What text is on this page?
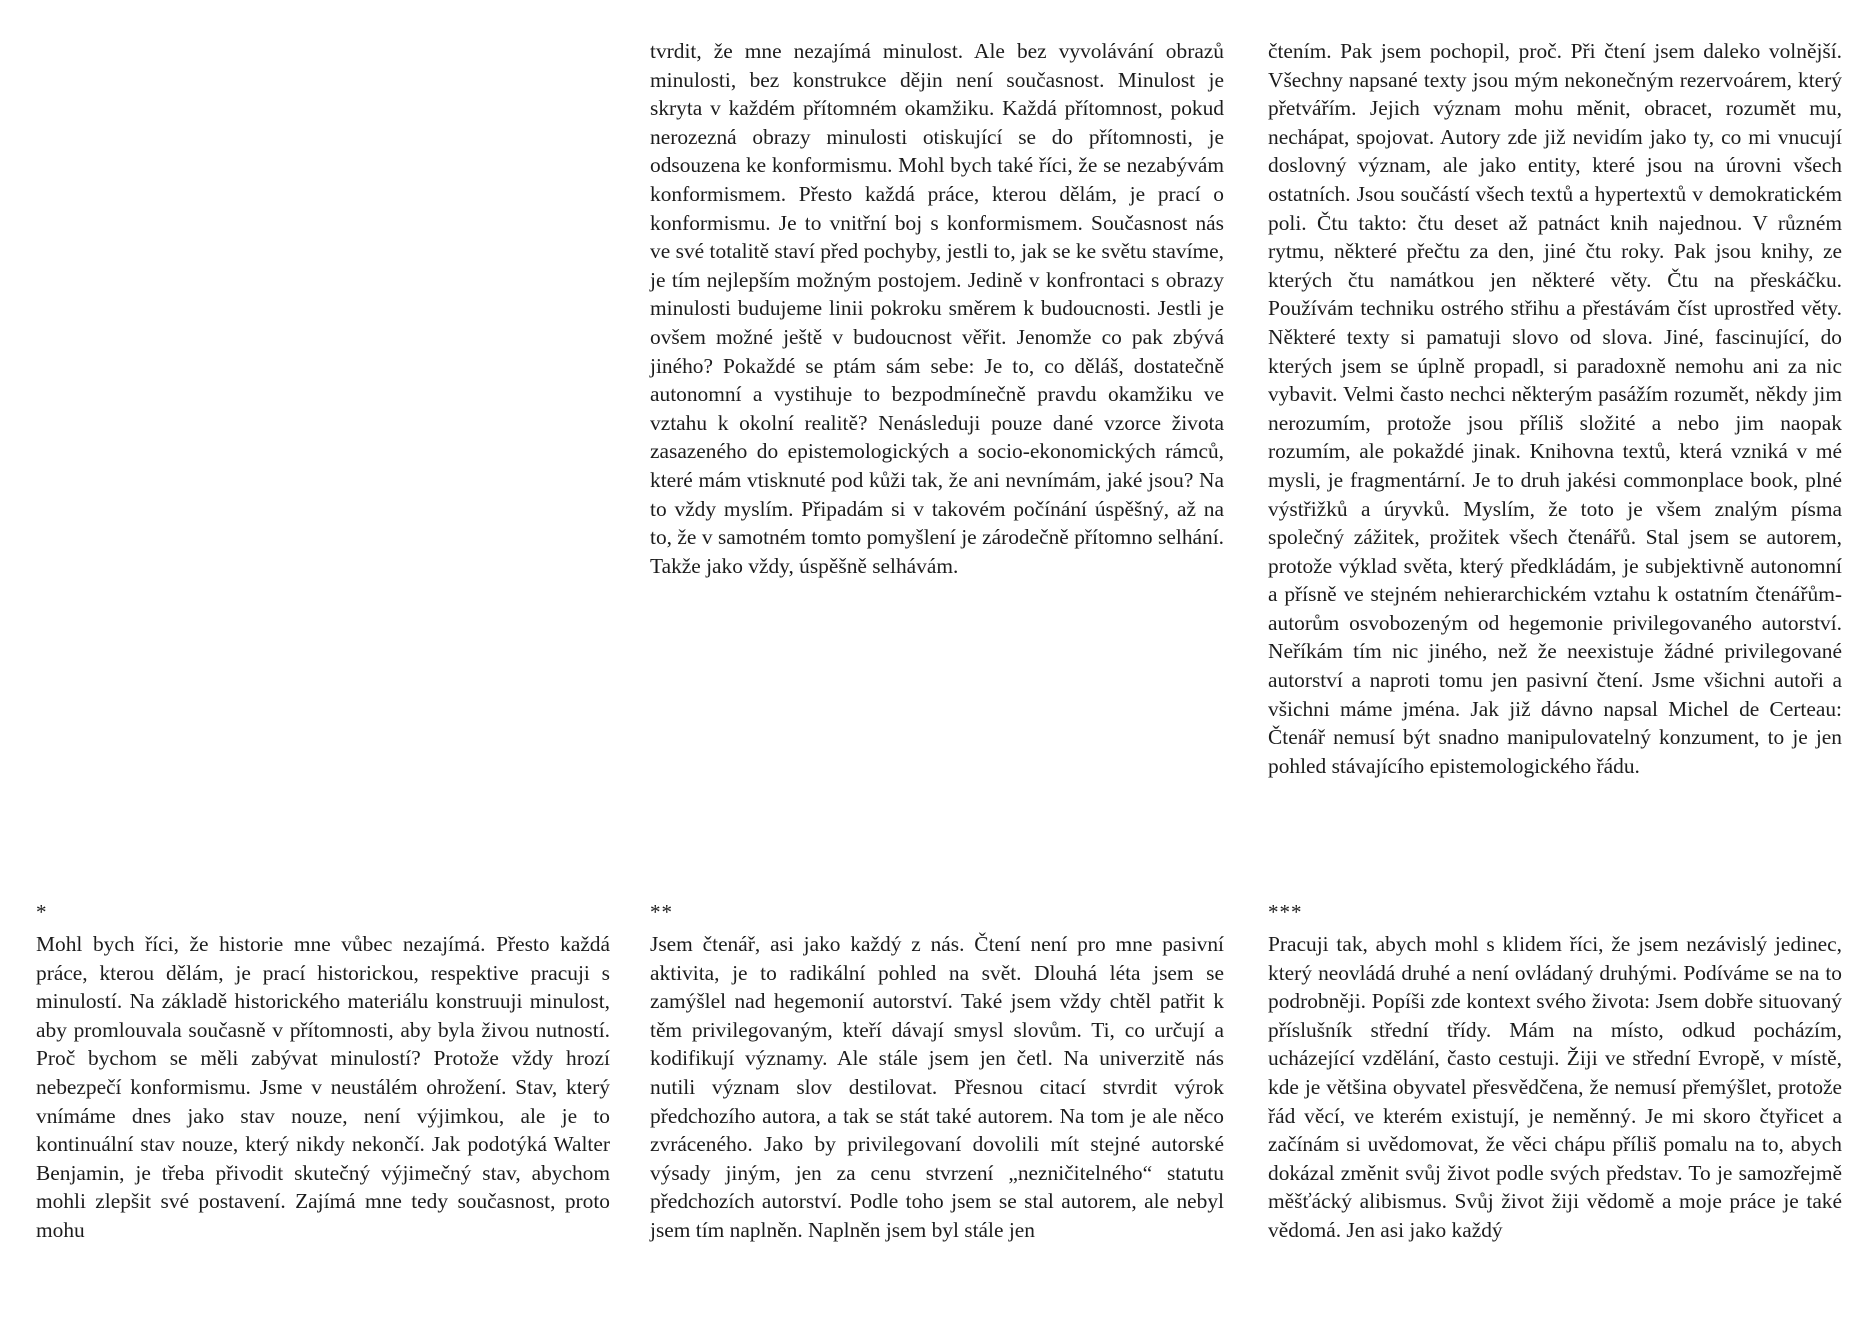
tvrdit, že mne nezajímá minulost. Ale bez vyvolávání obrazů minulosti, bez konstrukce dějin není současnost. Minulost je skryta v každém přítomném okamžiku. Každá přítomnost, pokud nerozezná obrazy minulosti otiskující se do přítomnosti, je odsouzena ke konformismu. Mohl bych také říci, že se nezabývám konformismem. Přesto každá práce, kterou dělám, je prací o konformismu. Je to vnitřní boj s konformismem. Současnost nás ve své totalitě staví před pochyby, jestli to, jak se ke světu stavíme, je tím nejlepším možným postojem. Jedině v konfrontaci s obrazy minulosti budujeme linii pokroku směrem k budoucnosti. Jestli je ovšem možné ještě v budoucnost věřit. Jenomže co pak zbývá jiného? Pokaždé se ptám sám sebe: Je to, co děláš, dostatečně autonomní a vystihuje to bezpodmínečně pravdu okamžiku ve vztahu k okolní realitě? Nenásleduji pouze dané vzorce života zasazeného do epistemologických a socio-ekonomických rámců, které mám vtisknuté pod kůži tak, že ani nevnímám, jaké jsou? Na to vždy myslím. Připadám si v takovém počínání úspěšný, až na to, že v samotném tomto pomyšlení je zárodečně přítomno selhání. Takže jako vždy, úspěšně selhávám.

čtením. Pak jsem pochopil, proč. Při čtení jsem daleko volnější. Všechny napsané texty jsou mým nekonečným rezervoárem, který přetvářím. Jejich význam mohu měnit, obracet, rozumět mu, nechápat, spojovat. Autory zde již nevidím jako ty, co mi vnucují doslovný význam, ale jako entity, které jsou na úrovni všech ostatních. Jsou součástí všech textů a hypertextů v demokratickém poli. Čtu takto: čtu deset až patnáct knih najednou. V různém rytmu, některé přečtu za den, jiné čtu roky. Pak jsou knihy, ze kterých čtu namátkou jen některé věty. Čtu na přeskáčku. Používám techniku ostrého střihu a přestávám číst uprostřed věty. Některé texty si pamatuji slovo od slova. Jiné, fascinující, do kterých jsem se úplně propadl, si paradoxně nemohu ani za nic vybavit. Velmi často nechci některým pasážím rozumět, někdy jim nerozumím, protože jsou příliš složité a nebo jim naopak rozumím, ale pokaždé jinak. Knihovna textů, která vzniká v mé mysli, je fragmentární. Je to druh jakési commonplace book, plné výstřižků a úryvků. Myslím, že toto je všem znalým písma společný zážitek, prožitek všech čtenářů. Stal jsem se autorem, protože výklad světa, který předkládám, je subjektivně autonomní a přísně ve stejném nehierarchickém vztahu k ostatním čtenářům-autorům osvobozeným od hegemonie privilegovaného autorství. Neříkám tím nic jiného, než že neexistuje žádné privilegované autorství a naproti tomu jen pasivní čtení. Jsme všichni autoři a všichni máme jména. Jak již dávno napsal Michel de Certeau: Čtenář nemusí být snadno manipulovatelný konzument, to je jen pohled stávajícího epistemologického řádu.

*	**	***

Mohl bych říci, že historie mne vůbec nezajímá. Přesto každá práce, kterou dělám, je prací historickou, respektive pracuji s minulostí. Na základě historického materiálu konstruuji minulost, aby promlouvala současně v přítomnosti, aby byla živou nutností. Proč bychom se měli zabývat minulostí? Protože vždy hrozí nebezpečí konformismu. Jsme v neustálém ohrožení. Stav, který vnímáme dnes jako stav nouze, není výjimkou, ale je to kontinuální stav nouze, který nikdy nekončí. Jak podotýká Walter Benjamin, je třeba přivodit skutečný výjimečný stav, abychom mohli zlepšit své postavení. Zajímá mne tedy současnost, proto mohu

Jsem čtenář, asi jako každý z nás. Čtení není pro mne pasivní aktivita, je to radikální pohled na svět. Dlouhá léta jsem se zamýšlel nad hegemonií autorství. Také jsem vždy chtěl patřit k těm privilegovaným, kteří dávají smysl slovům. Ti, co určují a kodifikují významy. Ale stále jsem jen četl. Na univerzitě nás nutili význam slov destilovat. Přesnou citací stvrdit výrok předchozího autora, a tak se stát také autorem. Na tom je ale něco zvráceného. Jako by privilegovaní dovolili mít stejné autorské výsady jiným, jen za cenu stvrzení „nezničitelného“ statutu předchozích autorství. Podle toho jsem se stal autorem, ale nebyl jsem tím naplněn. Naplněn jsem byl stále jen

Pracuji tak, abych mohl s klidem říci, že jsem nezávislý jedinec, který neovládá druhé a není ovládaný druhými. Podíváme se na to podrobněji. Popíši zde kontext svého života: Jsem dobře situovaný příslušník střední třídy. Mám na místo, odkud pocházím, ucházející vzdělání, často cestuji. Žiji ve střední Evropě, v místě, kde je většina obyvatel přesvědčena, že nemusí přemýšlet, protože řád věcí, ve kterém existují, je neměnný. Je mi skoro čtyřicet a začínám si uvědomovat, že věci chápu příliš pomalu na to, abych dokázal změnit svůj život podle svých představ. To je samozřejmě měšťácký alibismus. Svůj život žiji vědomě a moje práce je také vědomá. Jen asi jako každý
